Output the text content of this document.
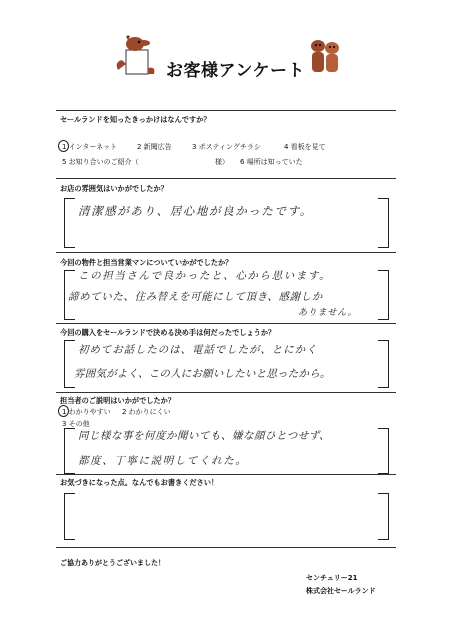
お客様アンケート
セールランドを知ったきっかけはなんですか？
1 インターネット	2 新聞広告	3 ポスティングチラシ	4 看板を見て
5 お知り合いのご紹介（	様） 6 場所は知っていた
お店の雰囲気はいかがでしたか？
清潔感があり、居心地が良かったです。
今回の物件と担当営業マンについていかがでしたか？
この担当さんで良かったと、心から思います。
諦めていた、住み替えを可能にして頂き、感謝しか
ありません。
今回の購入をセールランドで決める決め手は何だったでしょうか？
初めてお話したのは、電話でしたが、とにかく
雰囲気がよく、この人にお願いしたいと思ったから。
担当者のご説明はいかがでしたか？
1 わかりやすい 2 わかりにくい
3 その他
同じ様な事を何度か聞いても、嫌な顔ひとつせず、
都度、丁寧に説明してくれた。
お気づきになった点。なんでもお書きください！
ご協力ありがとうございました！
センチュリー21
株式会社セールランド
